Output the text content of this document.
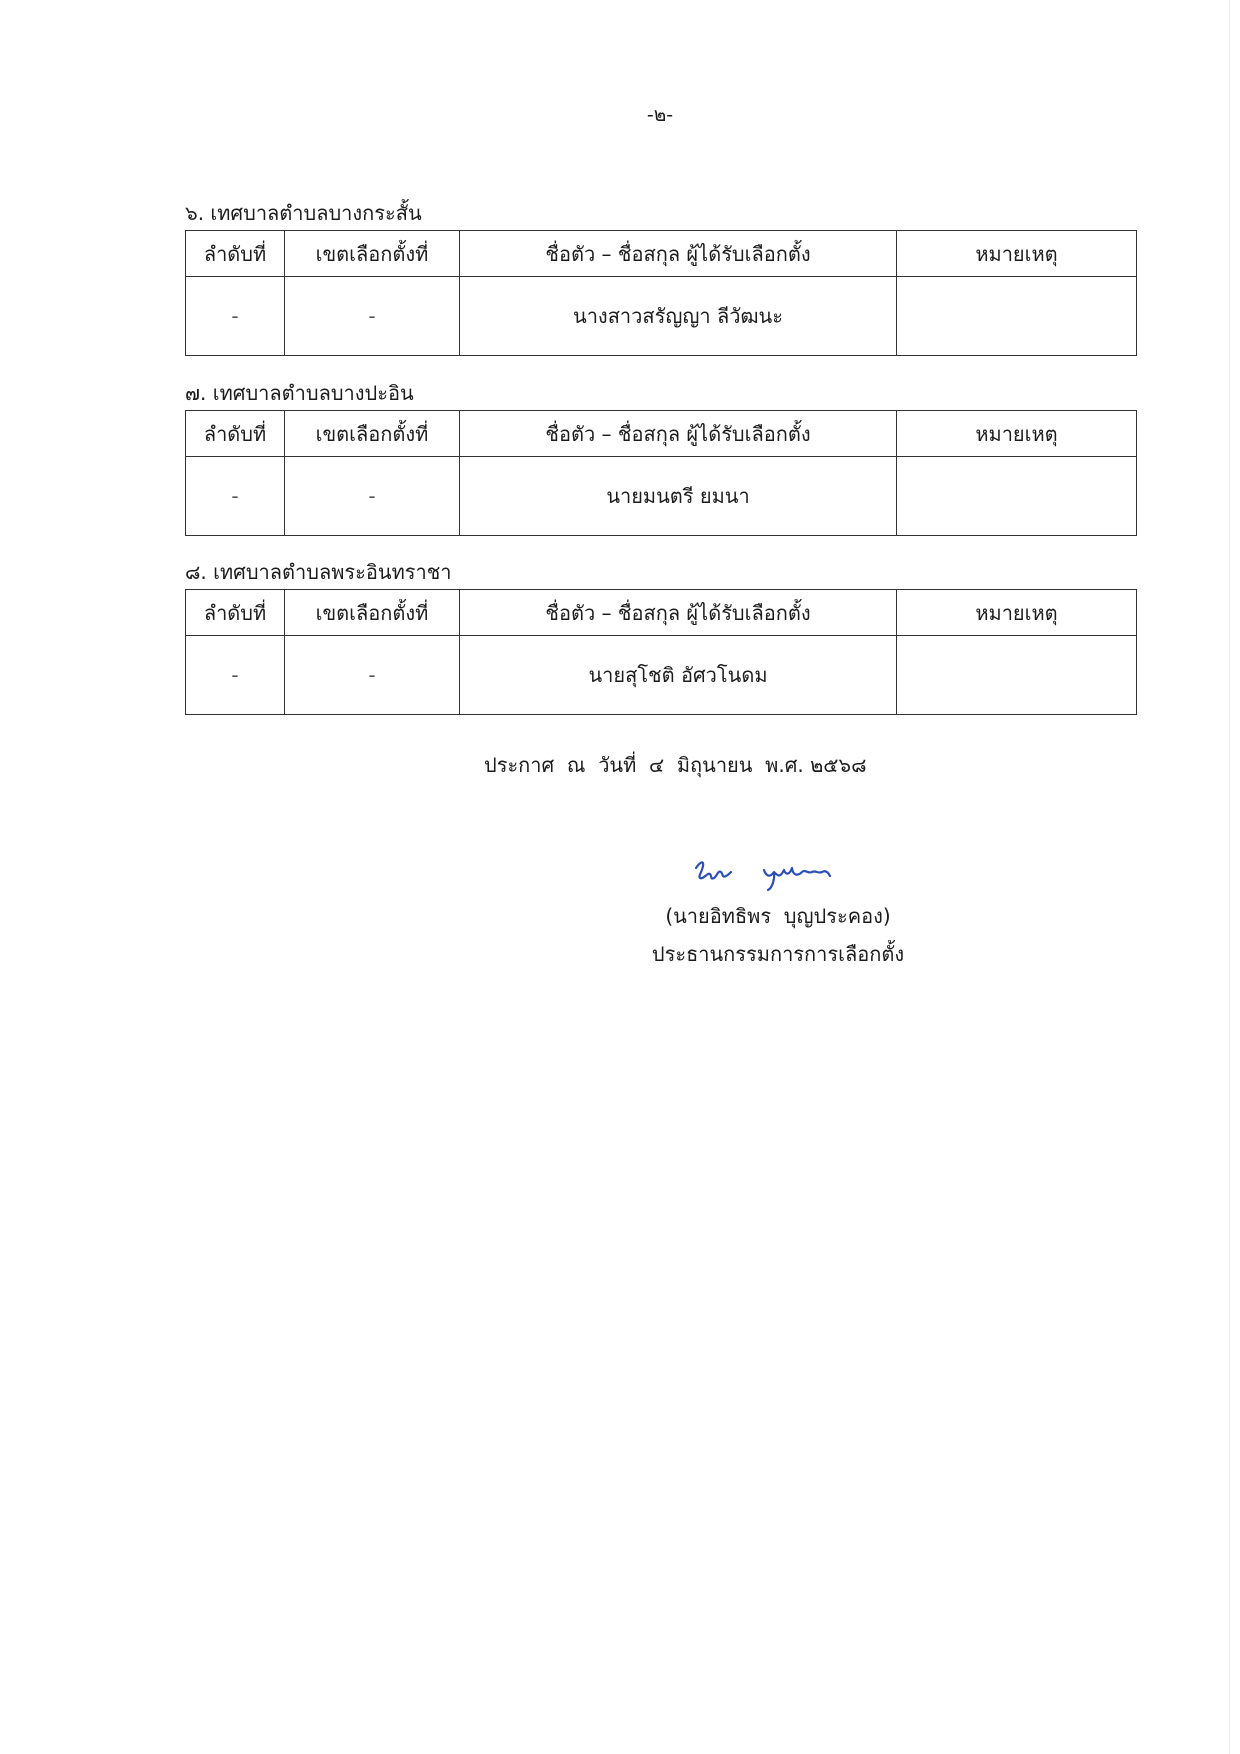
-๒-
๖. เทศบาลตำบลบางกระสั้น
ลำดับที่	เขตเลือกตั้งที่	ชื่อตัว – ชื่อสกุล ผู้ได้รับเลือกตั้ง	หมายเหตุ
-	-	นางสาวสรัญญา ลีวัฒนะ	
๗. เทศบาลตำบลบางปะอิน
ลำดับที่	เขตเลือกตั้งที่	ชื่อตัว – ชื่อสกุล ผู้ได้รับเลือกตั้ง	หมายเหตุ
-	-	นายมนตรี ยมนา	
๘. เทศบาลตำบลพระอินทราชา
ลำดับที่	เขตเลือกตั้งที่	ชื่อตัว – ชื่อสกุล ผู้ได้รับเลือกตั้ง	หมายเหตุ
-	-	นายสุโชติ อัศวโนดม	
ประกาศ  ณ  วันที่  ๔  มิถุนายน  พ.ศ. ๒๕๖๘
(นายอิทธิพร  บุญประคอง)
ประธานกรรมการการเลือกตั้ง
